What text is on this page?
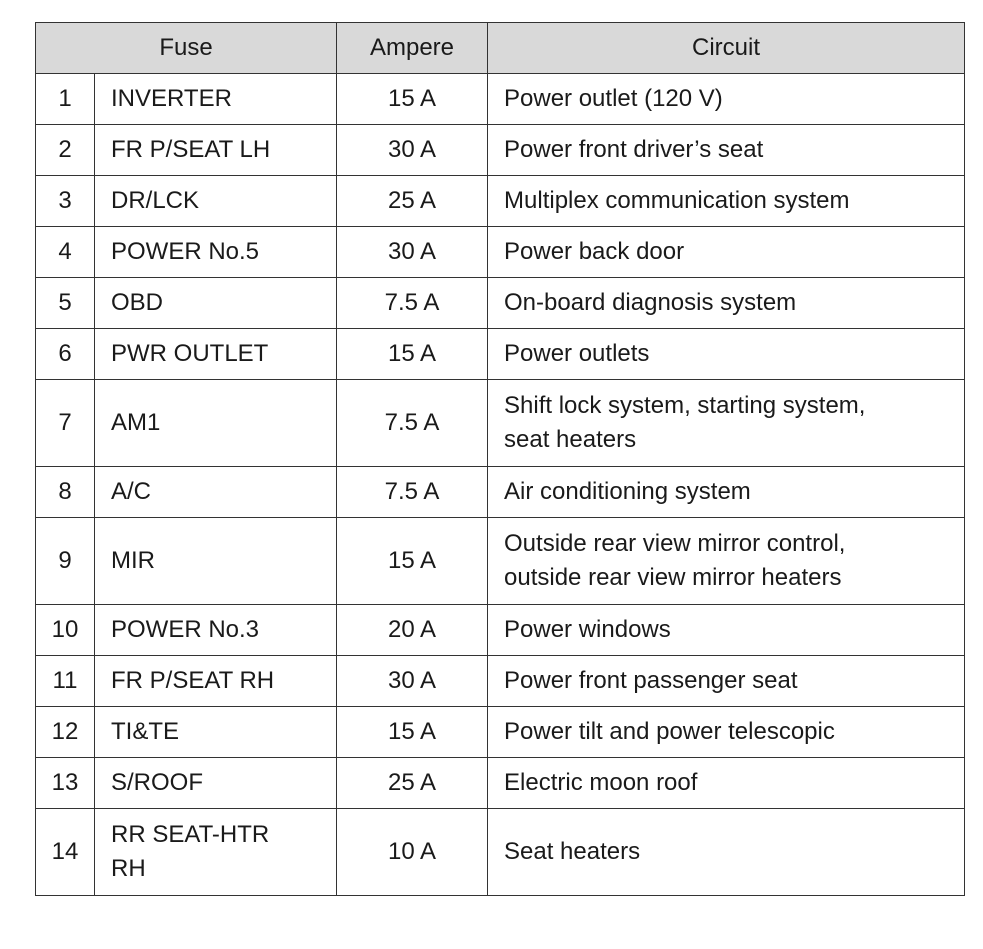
Fuse		Ampere	Circuit
1	INVERTER	15 A	Power outlet (120 V)
2	FR P/SEAT LH	30 A	Power front driver’s seat
3	DR/LCK	25 A	Multiplex communication system
4	POWER No.5	30 A	Power back door
5	OBD	7.5 A	On-board diagnosis system
6	PWR OUTLET	15 A	Power outlets
7	AM1	7.5 A	Shift lock system, starting system,
seat heaters

8	A/C	7.5 A	Air conditioning system
9	MIR	15 A	Outside rear view mirror control,
outside rear view mirror heaters

10	POWER No.3	20 A	Power windows
11	FR P/SEAT RH	30 A	Power front passenger seat
12	TI&TE	15 A	Power tilt and power telescopic
13	S/ROOF	25 A	Electric moon roof
14	RR SEAT-HTR
RH	10 A	Seat heaters
